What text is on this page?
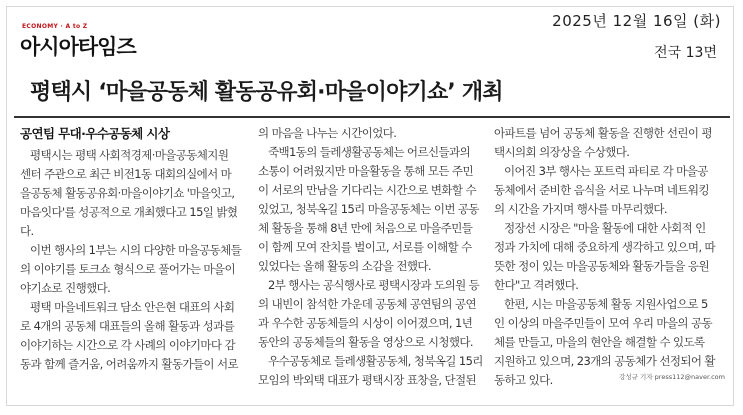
2025년 12월 16일 (화)
전국 13면
ECONOMY · A to Z
아시아타임즈
평택시 ‘마을공동체 활동공유회·마을이야기쇼’ 개최
공연팀 무대·우수공동체 시상
평택시는 평택 사회적경제·마을공동체지원
센터 주관으로 최근 비전1동 대회의실에서 마
을공동체 활동공유회·마을이야기쇼 '마을잇고,
마음잇다'를 성공적으로 개최했다고 15일 밝혔
다.
이번 행사의 1부는 시의 다양한 마을공동체들
의 이야기를 토크쇼 형식으로 풀어가는 마을이
야기쇼로 진행했다.
평택 마을네트워크 담소 안은현 대표의 사회
로 4개의 공동체 대표들의 올해 활동과 성과를
이야기하는 시간으로 각 사례의 이야기마다 감
동과 함께 즐거움, 어려움까지 활동가들이 서로
의 마음을 나누는 시간이었다.
죽백1동의 들레생활공동체는 어르신들과의
소통이 어려웠지만 마을활동을 통해 모든 주민
이 서로의 만남을 기다리는 시간으로 변화할 수
있었고, 청북옥길 15리 마을공동체는 이번 공동
체 활동을 통해 8년 만에 처음으로 마을주민들
이 함께 모여 잔치를 벌이고, 서로를 이해할 수
있었다는 올해 활동의 소감을 전했다.
2부 행사는 공식행사로 평택시장과 도의원 등
의 내빈이 참석한 가운데 공동체 공연팀의 공연
과 우수한 공동체들의 시상이 이어졌으며, 1년
동안의 공동체들의 활동을 영상으로 시청했다.
우수공동체로 들레생활공동체, 청북옥길 15리
모임의 박외택 대표가 평택시장 표창을, 단절된
아파트를 넘어 공동체 활동을 진행한 선린이 평
택시의회 의장상을 수상했다.
이어진 3부 행사는 포트럭 파티로 각 마을공
동체에서 준비한 음식을 서로 나누며 네트워킹
의 시간을 가지며 행사를 마무리했다.
정장선 시장은 "마을 활동에 대한 사회적 인
정과 가치에 대해 중요하게 생각하고 있으며, 따
뜻한 정이 있는 마을공동체와 활동가들을 응원
한다"고 격려했다.
한편, 시는 마을공동체 활동 지원사업으로 5
인 이상의 마을주민들이 모여 우리 마을의 공동
체를 만들고, 마을의 현안을 해결할 수 있도록
지원하고 있으며, 23개의 공동체가 선정되어 활
동하고 있다.	강성규 기자 press112@naver.com
